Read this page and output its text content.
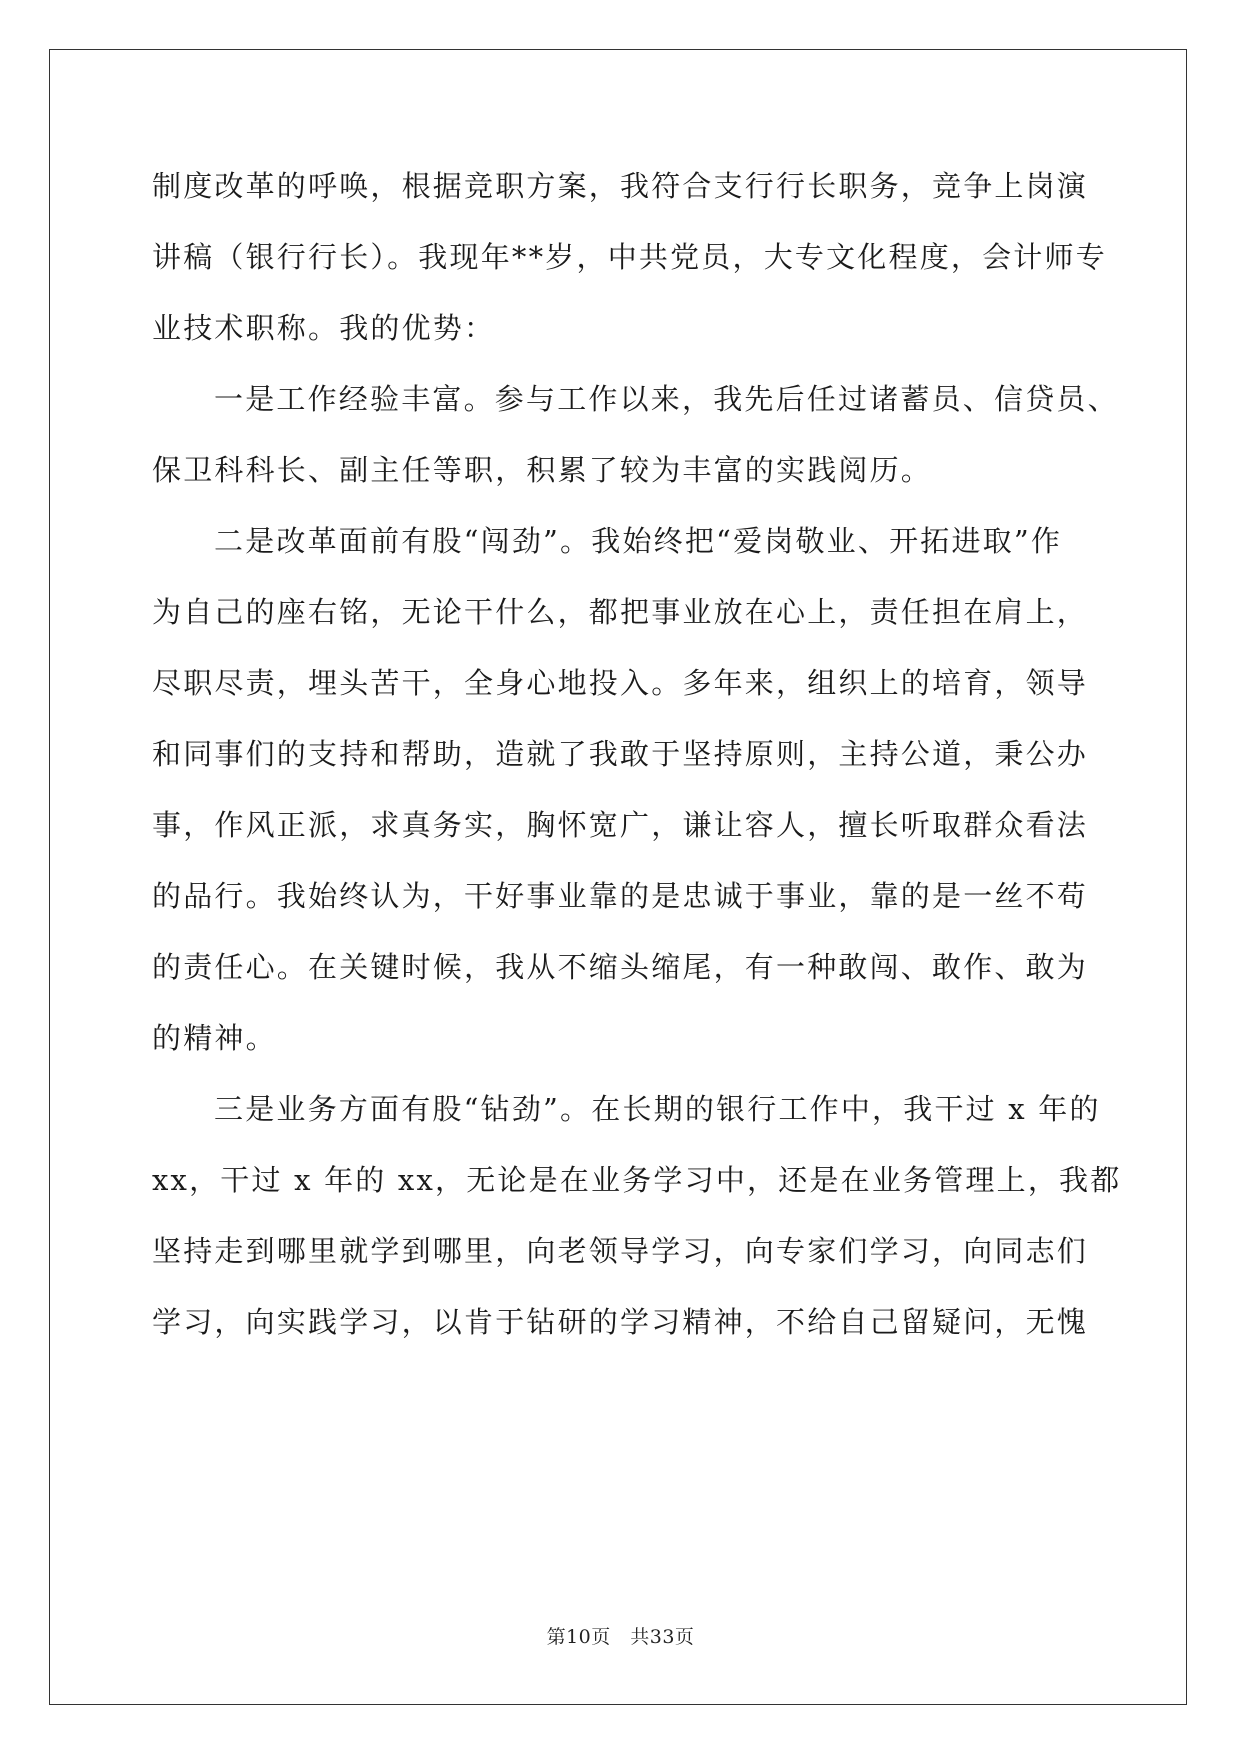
制度改革的呼唤，根据竞职方案，我符合支行行长职务，竞争上岗演
讲稿（银行行长）。我现年**岁，中共党员，大专文化程度，会计师专
业技术职称。我的优势：
一是工作经验丰富。参与工作以来，我先后任过诸蓄员、信贷员、
保卫科科长、副主任等职，积累了较为丰富的实践阅历。
二是改革面前有股“闯劲”。我始终把“爱岗敬业、开拓进取”作
为自己的座右铭，无论干什么，都把事业放在心上，责任担在肩上，
尽职尽责，埋头苦干，全身心地投入。多年来，组织上的培育，领导
和同事们的支持和帮助，造就了我敢于坚持原则，主持公道，秉公办
事，作风正派，求真务实，胸怀宽广，谦让容人，擅长听取群众看法
的品行。我始终认为，干好事业靠的是忠诚于事业，靠的是一丝不苟
的责任心。在关键时候，我从不缩头缩尾，有一种敢闯、敢作、敢为
的精神。
三是业务方面有股“钻劲”。在长期的银行工作中，我干过 x 年的
xx，干过 x 年的 xx，无论是在业务学习中，还是在业务管理上，我都
坚持走到哪里就学到哪里，向老领导学习，向专家们学习，向同志们
学习，向实践学习，以肯于钻研的学习精神，不给自己留疑问，无愧
第10页　共33页
